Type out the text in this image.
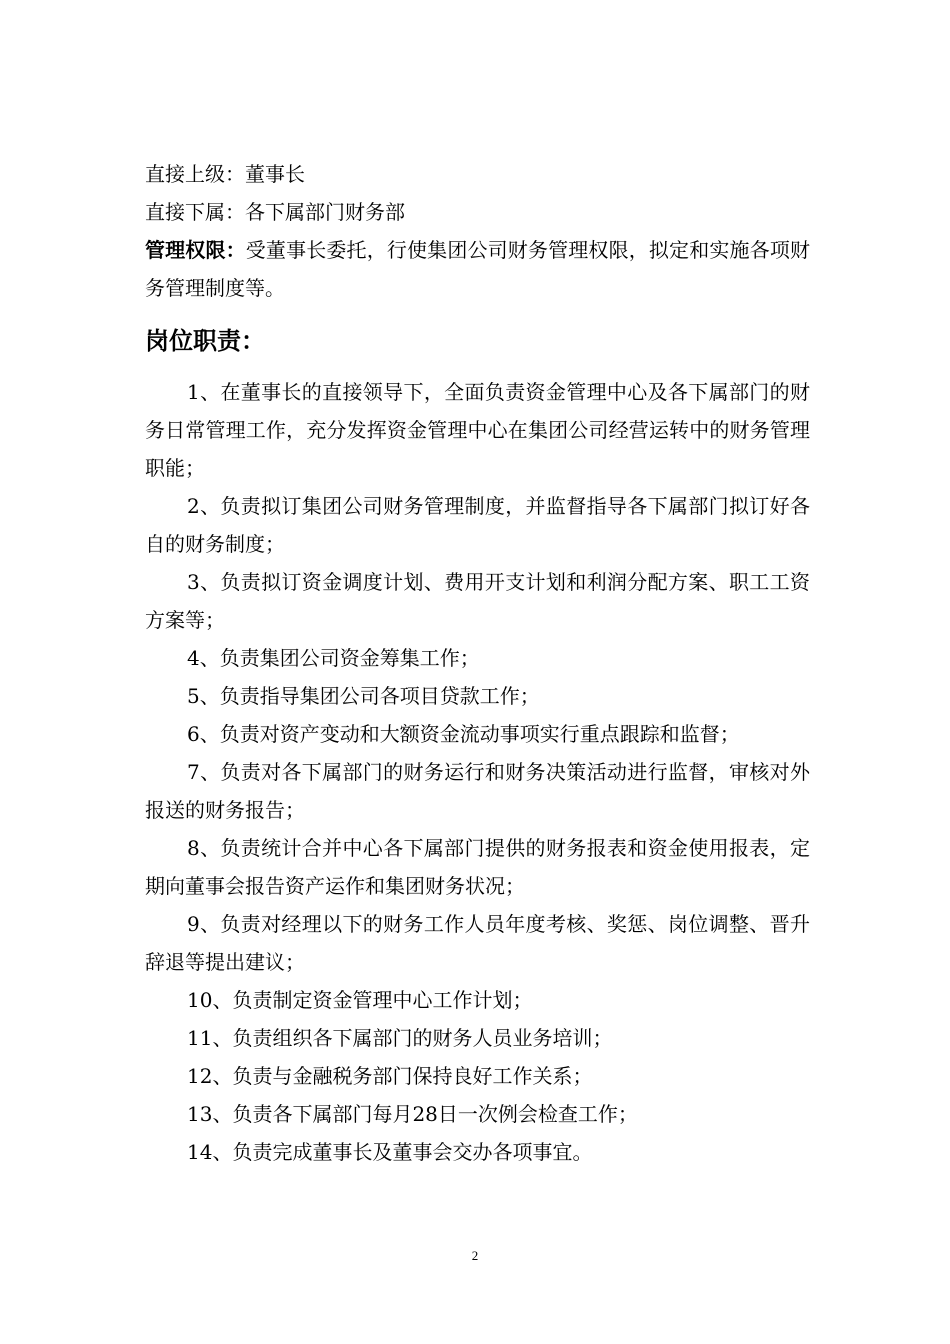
直接上级：董事长
直接下属：各下属部门财务部
管理权限：受董事长委托，行使集团公司财务管理权限，拟定和实施各项财务管理制度等。
岗位职责：
1、在董事长的直接领导下，全面负责资金管理中心及各下属部门的财务日常管理工作，充分发挥资金管理中心在集团公司经营运转中的财务管理职能；
2、负责拟订集团公司财务管理制度，并监督指导各下属部门拟订好各自的财务制度；
3、负责拟订资金调度计划、费用开支计划和利润分配方案、职工工资方案等；
4、负责集团公司资金筹集工作；
5、负责指导集团公司各项目贷款工作；
6、负责对资产变动和大额资金流动事项实行重点跟踪和监督；
7、负责对各下属部门的财务运行和财务决策活动进行监督，审核对外报送的财务报告；
8、负责统计合并中心各下属部门提供的财务报表和资金使用报表，定期向董事会报告资产运作和集团财务状况；
9、负责对经理以下的财务工作人员年度考核、奖惩、岗位调整、晋升辞退等提出建议；
10、负责制定资金管理中心工作计划；
11、负责组织各下属部门的财务人员业务培训；
12、负责与金融税务部门保持良好工作关系；
13、负责各下属部门每月28日一次例会检查工作；
14、负责完成董事长及董事会交办各项事宜。
2
